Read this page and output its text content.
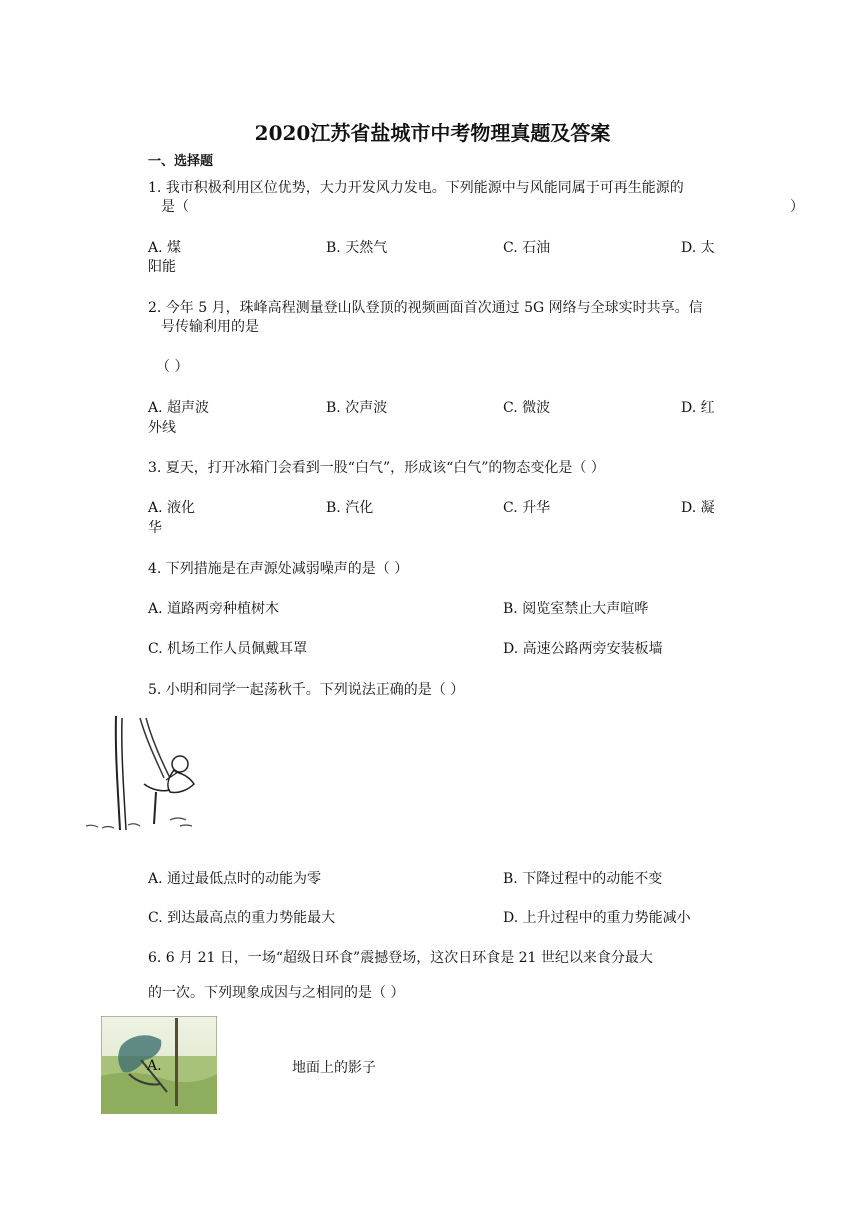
2020江苏省盐城市中考物理真题及答案
一、选择题
1. 我市积极利用区位优势，大力开发风力发电。下列能源中与风能同属于可再生能源的
是（	）
A. 煤	B. 天然气	C. 石油	D. 太
阳能
2. 今年 5 月，珠峰高程测量登山队登顶的视频画面首次通过 5G 网络与全球实时共享。信
号传输利用的是
（ ）
A. 超声波	B. 次声波	C. 微波	D. 红
外线
3. 夏天，打开冰箱门会看到一股“白气”，形成该“白气”的物态变化是（ ）
A. 液化	B. 汽化	C. 升华	D. 凝
华
4. 下列措施是在声源处减弱噪声的是（ ）
A. 道路两旁种植树木	B. 阅览室禁止大声喧哗
C. 机场工作人员佩戴耳罩	D. 高速公路两旁安装板墙
5. 小明和同学一起荡秋千。下列说法正确的是（ ）
A. 通过最低点时的动能为零	B. 下降过程中的动能不变
C. 到达最高点的重力势能最大	D. 上升过程中的重力势能减小
6. 6 月 21 日，一场“超级日环食”震撼登场，这次日环食是 21 世纪以来食分最大
的一次。下列现象成因与之相同的是（ ）
A.	地面上的影子
